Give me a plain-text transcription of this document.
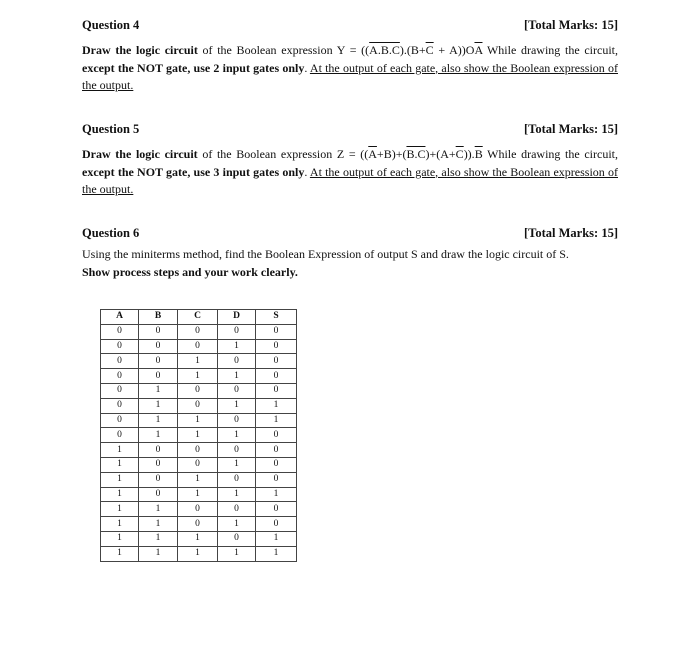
Question 4	[Total Marks: 15]
Draw the logic circuit of the Boolean expression $Y = ((A.B.C).(B+\overline{C} + A))O\overline{A}$ While drawing the circuit, except the NOT gate, use 2 input gates only. At the output of each gate, also show the Boolean expression of the output.
Question 5	[Total Marks: 15]
Draw the logic circuit of the Boolean expression $Z = ((\overline{A}+B)+(B.C)+(A+\overline{C})).\overline{B}$ While drawing the circuit, except the NOT gate, use 3 input gates only. At the output of each gate, also show the Boolean expression of the output.
Question 6	[Total Marks: 15]
Using the miniterms method, find the Boolean Expression of output S and draw the logic circuit of S.
Show process steps and your work clearly.
A	B	C	D	S
0	0	0	0	0
0	0	0	1	0
0	0	1	0	0
0	0	1	1	0
0	1	0	0	0
0	1	0	1	1
0	1	1	0	1
0	1	1	1	0
1	0	0	0	0
1	0	0	1	0
1	0	1	0	0
1	0	1	1	1
1	1	0	0	0
1	1	0	1	0
1	1	1	0	1
1	1	1	1	1
